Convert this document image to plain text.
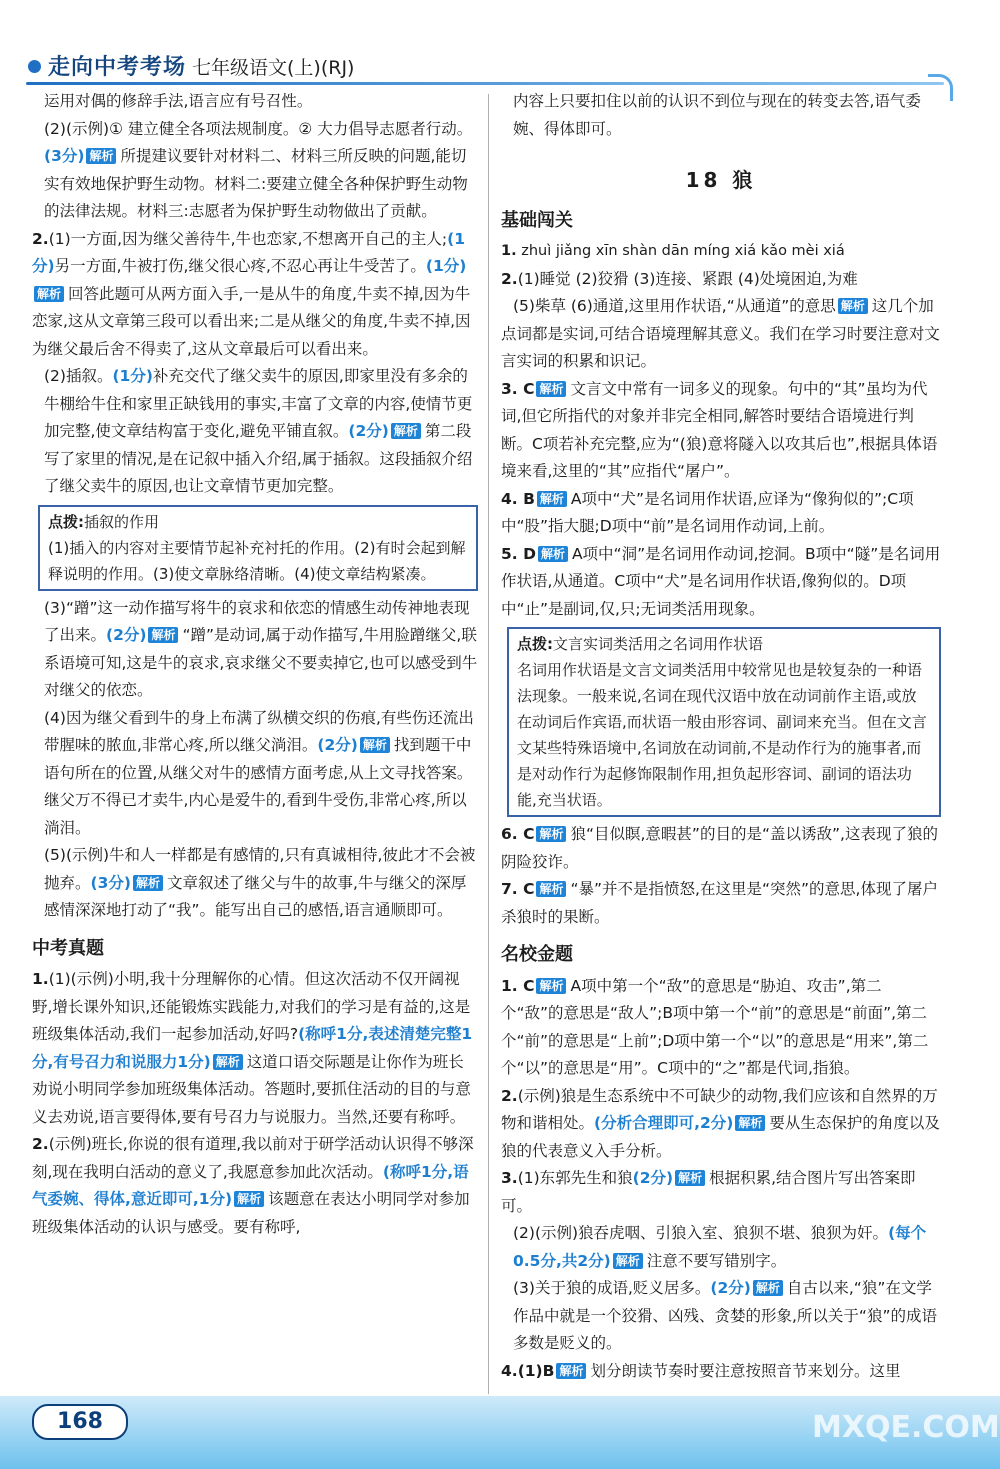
走向中考考场 七年级语文(上)(RJ)

运用对偶的修辞手法,语言应有号召性。

(2)(示例)① 建立健全各项法规制度。② 大力倡导志愿者行动。(3分) 解析 所提建议要针对材料二、材料三所反映的问题,能切实有效地保护野生动物。材料二:要建立健全各种保护野生动物的法律法规。材料三:志愿者为保护野生动物做出了贡献。

2.(1)一方面,因为继父善待牛,牛也恋家,不想离开自己的主人;(1分)另一方面,牛被打伤,继父很心疼,不忍心再让牛受苦了。(1分)解析 回答此题可从两方面入手,一是从牛的角度,牛卖不掉,因为牛恋家,这从文章第三段可以看出来;二是从继父的角度,牛卖不掉,因为继父最后舍不得卖了,这从文章最后可以看出来。

(2)插叙。(1分)补充交代了继父卖牛的原因,即家里没有多余的牛棚给牛住和家里正缺钱用的事实,丰富了文章的内容,使情节更加完整,使文章结构富于变化,避免平铺直叙。(2分) 解析 第二段写了家里的情况,是在记叙中插入介绍,属于插叙。这段插叙介绍了继父卖牛的原因,也让文章情节更加完整。

点拨:插叙的作用

(1)插入的内容对主要情节起补充衬托的作用。(2)有时会起到解释说明的作用。(3)使文章脉络清晰。(4)使文章结构紧凑。

(3)“蹭”这一动作描写将牛的哀求和依恋的情感生动传神地表现了出来。(2分) 解析 “蹭”是动词,属于动作描写,牛用脸蹭继父,联系语境可知,这是牛的哀求,哀求继父不要卖掉它,也可以感受到牛对继父的依恋。

(4)因为继父看到牛的身上布满了纵横交织的伤痕,有些伤还流出带腥味的脓血,非常心疼,所以继父淌泪。(2分) 解析 找到题干中语句所在的位置,从继父对牛的感情方面考虑,从上文寻找答案。继父万不得已才卖牛,内心是爱牛的,看到牛受伤,非常心疼,所以淌泪。

(5)(示例)牛和人一样都是有感情的,只有真诚相待,彼此才不会被抛弃。(3分) 解析 文章叙述了继父与牛的故事,牛与继父的深厚感情深深地打动了“我”。能写出自己的感悟,语言通顺即可。

中考真题

1.(1)(示例)小明,我十分理解你的心情。但这次活动不仅开阔视野,增长课外知识,还能锻炼实践能力,对我们的学习是有益的,这是班级集体活动,我们一起参加活动,好吗?(称呼1分,表述清楚完整1分,有号召力和说服力1分) 解析 这道口语交际题是让你作为班长劝说小明同学参加班级集体活动。答题时,要抓住活动的目的与意义去劝说,语言要得体,要有号召力与说服力。当然,还要有称呼。

2.(示例)班长,你说的很有道理,我以前对于研学活动认识得不够深刻,现在我明白活动的意义了,我愿意参加此次活动。(称呼1分,语气委婉、得体,意近即可,1分) 解析 该题意在表达小明同学对参加班级集体活动的认识与感受。要有称呼,

内容上只要扣住以前的认识不到位与现在的转变去答,语气委婉、得体即可。

18 狼
基础闯关

1. zhuì jiǎng xīn shàn dān mínɡ xiá kǎo mèi xiá

2.(1)睡觉 (2)狡猾 (3)连接、紧跟 (4)处境困迫,为难
(5)柴草 (6)通道,这里用作状语,“从通道”的意思 解析 这几个加点词都是实词,可结合语境理解其意义。我们在学习时要注意对文言实词的积累和识记。

3. C 解析 文言文中常有一词多义的现象。句中的“其”虽均为代词,但它所指代的对象并非完全相同,解答时要结合语境进行判断。C项若补充完整,应为“(狼)意将隧入以攻其后也”,根据具体语境来看,这里的“其”应指代“屠户”。

4. B 解析 A项中“犬”是名词用作状语,应译为“像狗似的”;C项中“股”指大腿;D项中“前”是名词用作动词,上前。

5. D 解析 A项中“洞”是名词用作动词,挖洞。B项中“隧”是名词用作状语,从通道。C项中“犬”是名词用作状语,像狗似的。D项中“止”是副词,仅,只;无词类活用现象。

点拨:文言实词类活用之名词用作状语

名词用作状语是文言文词类活用中较常见也是较复杂的一种语法现象。一般来说,名词在现代汉语中放在动词前作主语,或放在动词后作宾语,而状语一般由形容词、副词来充当。但在文言文某些特殊语境中,名词放在动词前,不是动作行为的施事者,而是对动作行为起修饰限制作用,担负起形容词、副词的语法功能,充当状语。

6. C 解析 狼“目似瞑,意暇甚”的目的是“盖以诱敌”,这表现了狼的阴险狡诈。

7. C 解析 “暴”并不是指愤怒,在这里是“突然”的意思,体现了屠户杀狼时的果断。

名校金题

1. C 解析 A项中第一个“敌”的意思是“胁迫、攻击”,第二个“敌”的意思是“敌人”;B项中第一个“前”的意思是“前面”,第二个“前”的意思是“上前”;D项中第一个“以”的意思是“用来”,第二个“以”的意思是“用”。C项中的“之”都是代词,指狼。

2.(示例)狼是生态系统中不可缺少的动物,我们应该和自然界的万物和谐相处。(分析合理即可,2分) 解析 要从生态保护的角度以及狼的代表意义入手分析。

3.(1)东郭先生和狼(2分) 解析 根据积累,结合图片写出答案即可。

(2)(示例)狼吞虎咽、引狼入室、狼狈不堪、狼狈为奸。(每个0.5分,共2分) 解析 注意不要写错别字。

(3)关于狼的成语,贬义居多。(2分) 解析 自古以来,“狼”在文学作品中就是一个狡猾、凶残、贪婪的形象,所以关于“狼”的成语多数是贬义的。

4.(1)B 解析 划分朗读节奏时要注意按照音节来划分。这里

168	MXQE.COM
